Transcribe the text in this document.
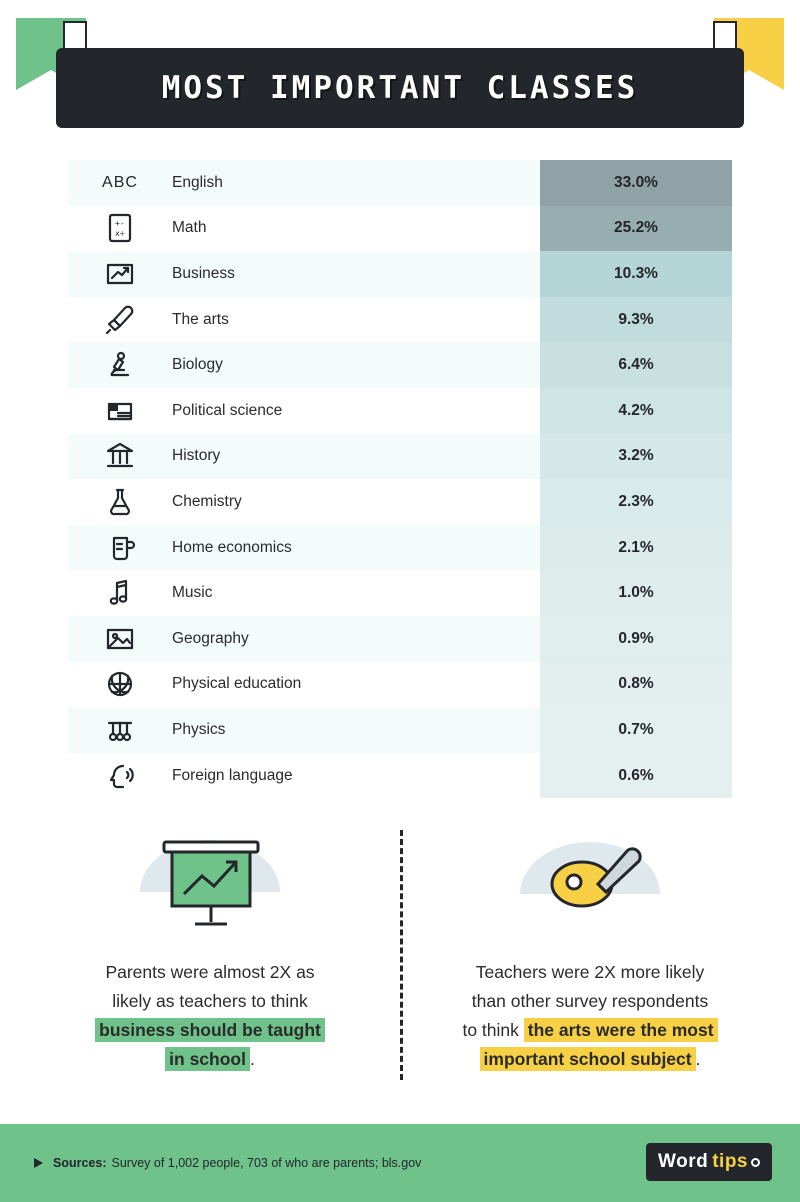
MOST IMPORTANT CLASSES
ABC English	33.0%
+-
x÷	Math	25.2%
Business	10.3%
The arts	9.3%
Biology	6.4%
Political science	4.2%
History	3.2%
Chemistry	2.3%
Home economics	2.1%
Music	1.0%
Geography	0.9%
Physical education	0.8%
Physics	0.7%
Foreign language	0.6%
Parents were almost 2X as
likely as teachers to think
business should be taught
in school .
Teachers were 2X more likely
than other survey respondents
to think the arts were the most
important school subject .
Sources: Survey of 1,002 people, 703 of who are parents; bls.gov	Word tips
